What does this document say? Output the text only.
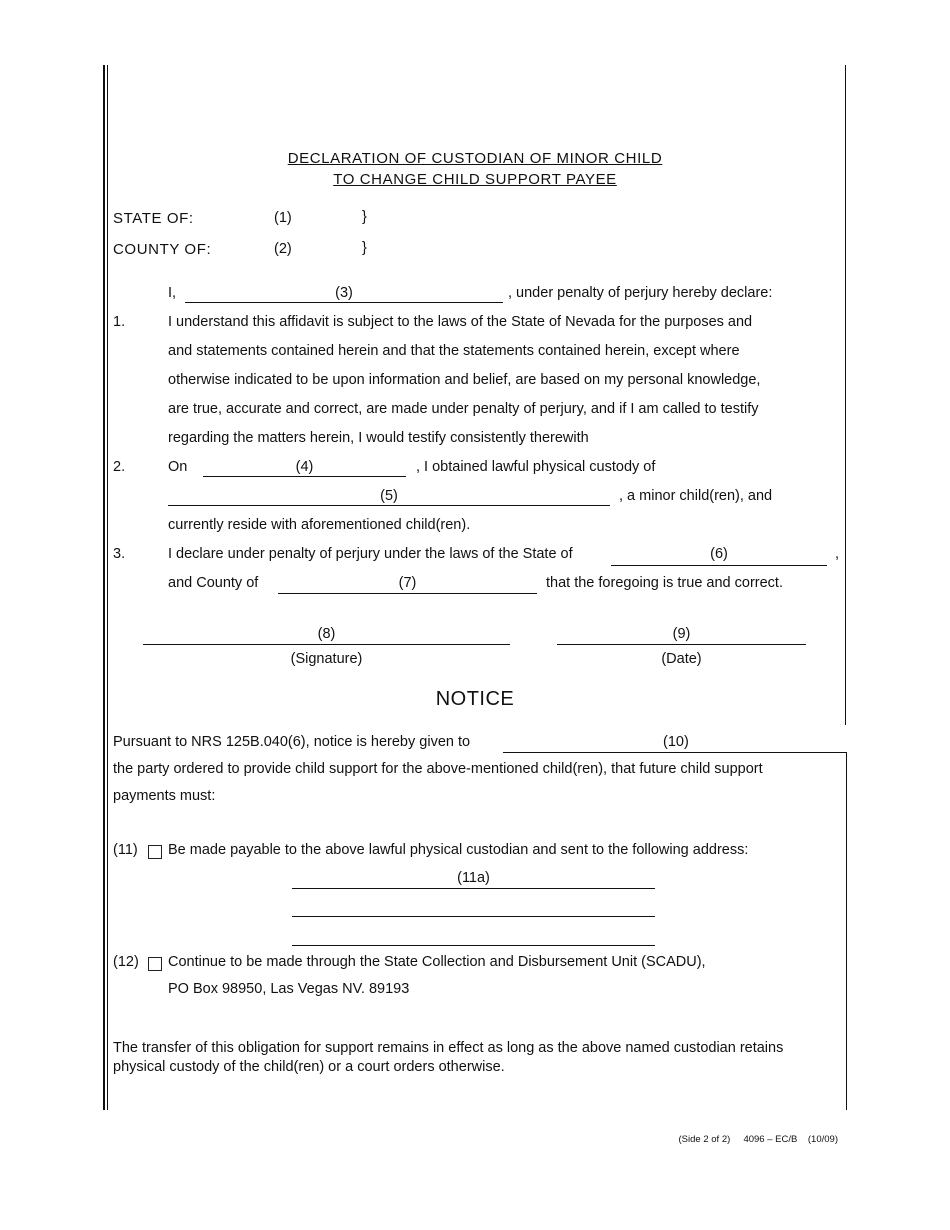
DECLARATION OF CUSTODIAN OF MINOR CHILD
TO CHANGE CHILD SUPPORT PAYEE
STATE OF:	(1)	}
COUNTY OF:	(2)	}
I,	(3)	, under penalty of perjury hereby declare:
1.	I understand this affidavit is subject to the laws of the State of Nevada for the purposes and
and statements contained herein and that the statements contained herein, except where
otherwise indicated to be upon information and belief, are based on my personal knowledge,
are true, accurate and correct, are made under penalty of perjury, and if I am called to testify
regarding the matters herein, I would testify consistently therewith
2.	On	(4)	, I obtained lawful physical custody of
(5)	, a minor child(ren), and
currently reside with aforementioned child(ren).
3.	I declare under penalty of perjury under the laws of the State of	(6)	,
and County of	(7)	that the foregoing is true and correct.
(8)
(Signature)
(9)
(Date)
NOTICE
Pursuant to NRS 125B.040(6), notice is hereby given to	(10)
the party ordered to provide child support for the above-mentioned child(ren), that future child support
payments must:
(11) Be made payable to the above lawful physical custodian and sent to the following address:
(11a)
(12) Continue to be made through the State Collection and Disbursement Unit (SCADU),
PO Box 98950, Las Vegas NV. 89193
The transfer of this obligation for support remains in effect as long as the above named custodian retains
physical custody of the child(ren) or a court orders otherwise.
(Side 2 of 2)     4096 – EC/B    (10/09)
